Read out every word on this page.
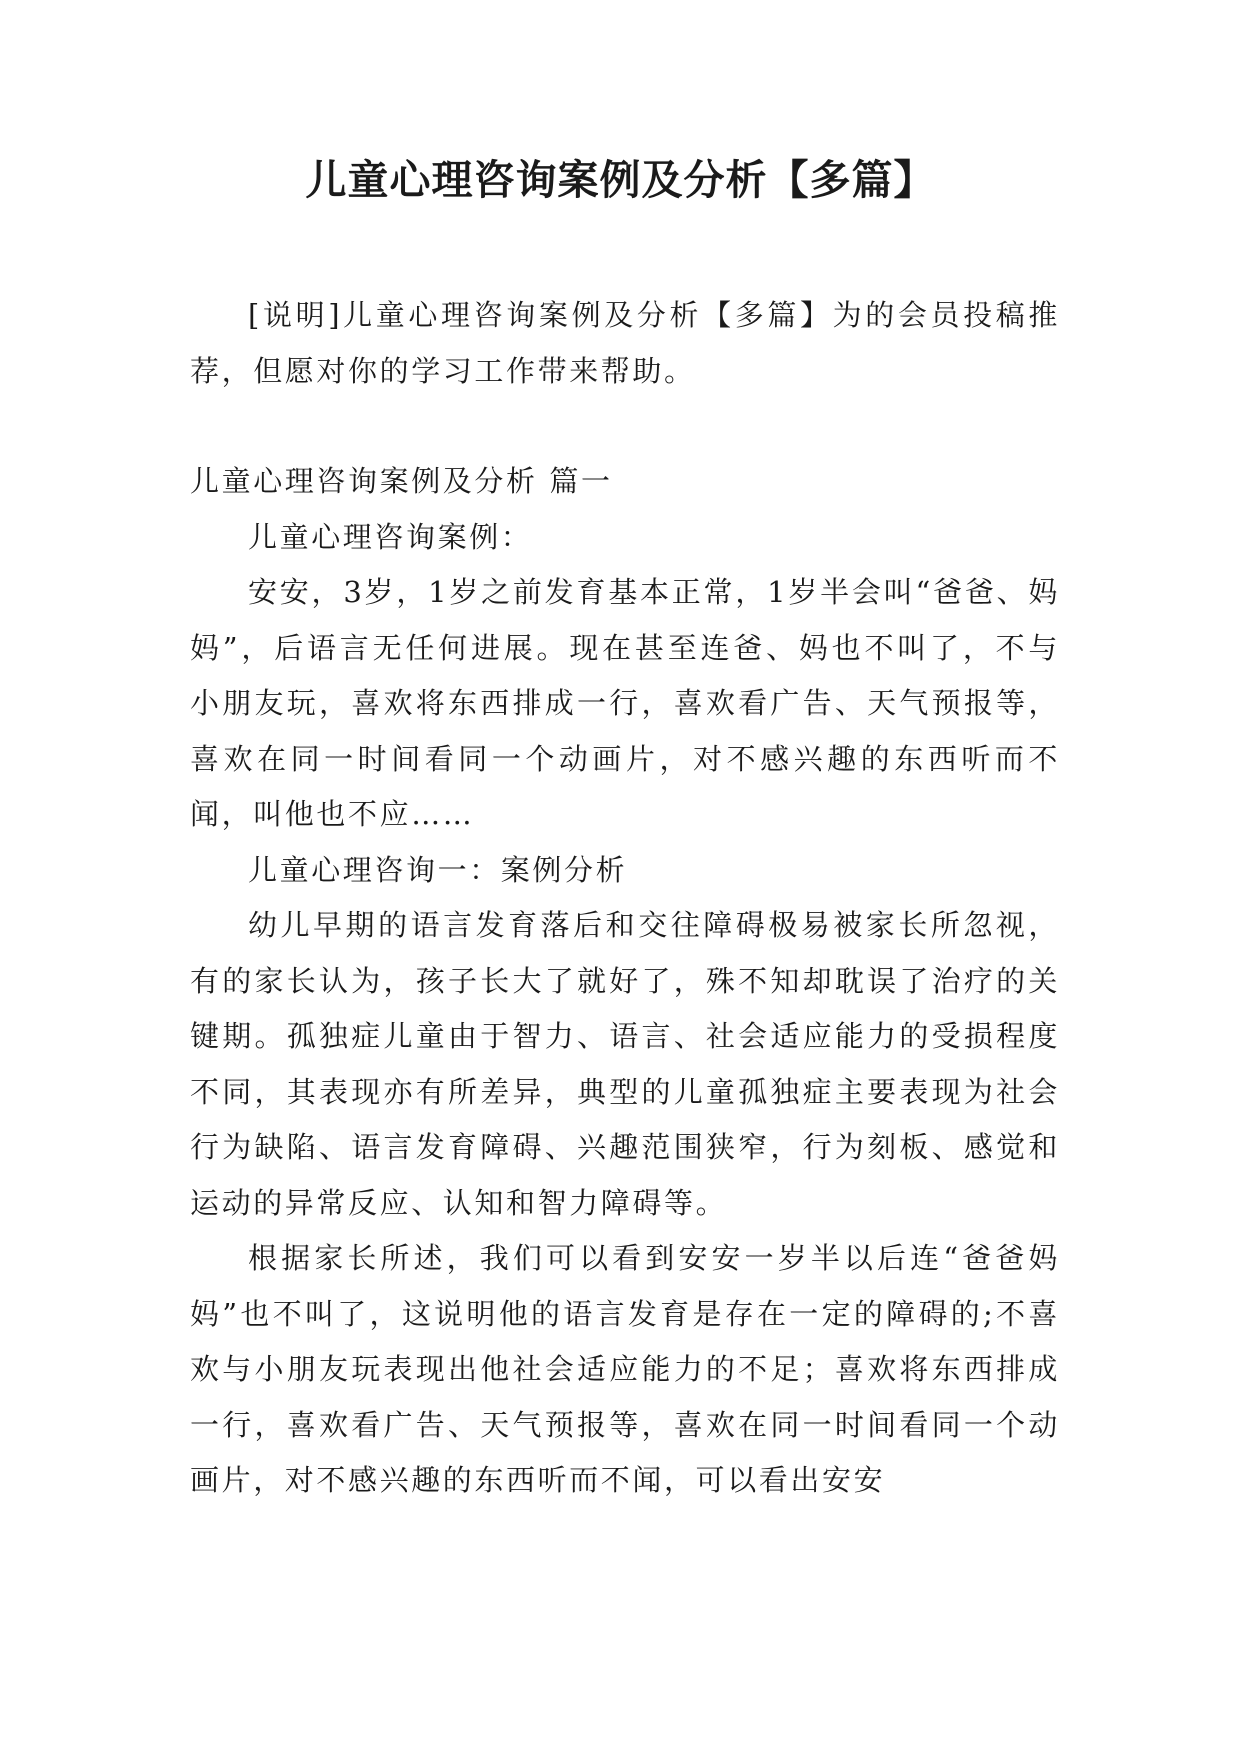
儿童心理咨询案例及分析【多篇】

[说明]儿童心理咨询案例及分析【多篇】为的会员投稿推荐，但愿对你的学习工作带来帮助。

儿童心理咨询案例及分析 篇一

儿童心理咨询案例：

安安，3岁，1岁之前发育基本正常，1岁半会叫“爸爸、妈妈”，后语言无任何进展。现在甚至连爸、妈也不叫了，不与小朋友玩，喜欢将东西排成一行，喜欢看广告、天气预报等，喜欢在同一时间看同一个动画片，对不感兴趣的东西听而不闻，叫他也不应……

儿童心理咨询一：案例分析

幼儿早期的语言发育落后和交往障碍极易被家长所忽视，有的家长认为，孩子长大了就好了，殊不知却耽误了治疗的关键期。孤独症儿童由于智力、语言、社会适应能力的受损程度不同，其表现亦有所差异，典型的儿童孤独症主要表现为社会行为缺陷、语言发育障碍、兴趣范围狭窄，行为刻板、感觉和运动的异常反应、认知和智力障碍等。

根据家长所述，我们可以看到安安一岁半以后连“爸爸妈妈”也不叫了，这说明他的语言发育是存在一定的障碍的;不喜欢与小朋友玩表现出他社会适应能力的不足；喜欢将东西排成一行，喜欢看广告、天气预报等，喜欢在同一时间看同一个动画片，对不感兴趣的东西听而不闻，可以看出安安
